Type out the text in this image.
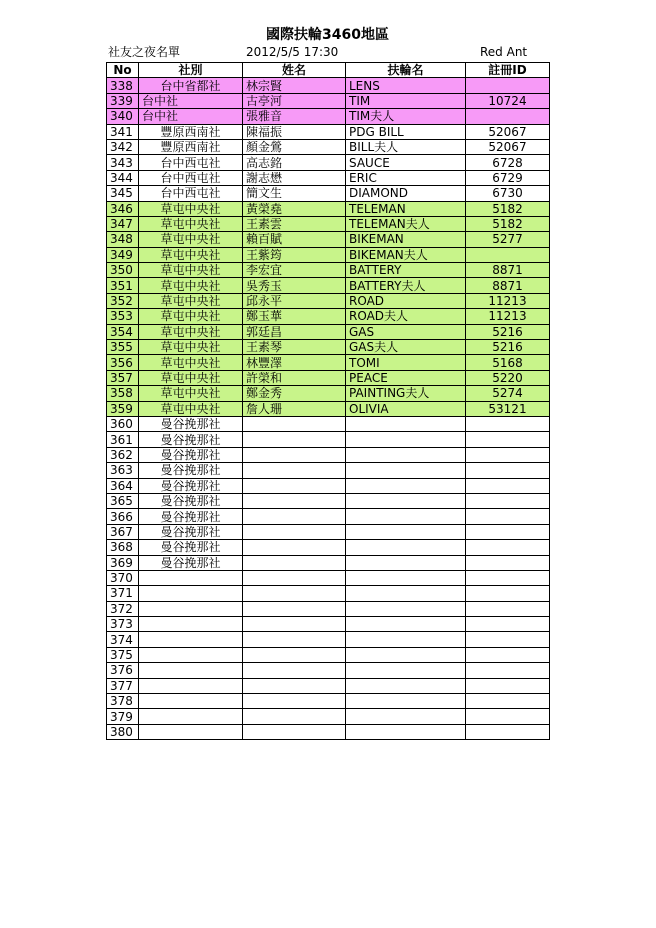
國際扶輪3460地區
社友之夜名單	2012/5/5 17:30	Red Ant
No	社別	姓名	扶輪名	註冊ID
338	台中省都社	林宗賢	LENS	
339	台中社	古亭河	TIM	10724
340	台中社	張雅音	TIM夫人	
341	豐原西南社	陳福振	PDG BILL	52067
342	豐原西南社	顏金鶯	BILL夫人	52067
343	台中西屯社	高志銘	SAUCE	6728
344	台中西屯社	謝志懋	ERIC	6729
345	台中西屯社	簡文生	DIAMOND	6730
346	草屯中央社	黃榮堯	TELEMAN	5182
347	草屯中央社	王素雲	TELEMAN夫人	5182
348	草屯中央社	賴百賦	BIKEMAN	5277
349	草屯中央社	王紫筠	BIKEMAN夫人	
350	草屯中央社	李宏宜	BATTERY	8871
351	草屯中央社	吳秀玉	BATTERY夫人	8871
352	草屯中央社	邱永平	ROAD	11213
353	草屯中央社	鄭玉華	ROAD夫人	11213
354	草屯中央社	郭廷昌	GAS	5216
355	草屯中央社	王素琴	GAS夫人	5216
356	草屯中央社	林豐澤	TOMI	5168
357	草屯中央社	許榮和	PEACE	5220
358	草屯中央社	鄭金秀	PAINTING夫人	5274
359	草屯中央社	詹人珊	OLIVIA	53121
360	曼谷挽那社			
361	曼谷挽那社			
362	曼谷挽那社			
363	曼谷挽那社			
364	曼谷挽那社			
365	曼谷挽那社			
366	曼谷挽那社			
367	曼谷挽那社			
368	曼谷挽那社			
369	曼谷挽那社			
370				
371				
372				
373				
374				
375				
376				
377				
378				
379				
380				
